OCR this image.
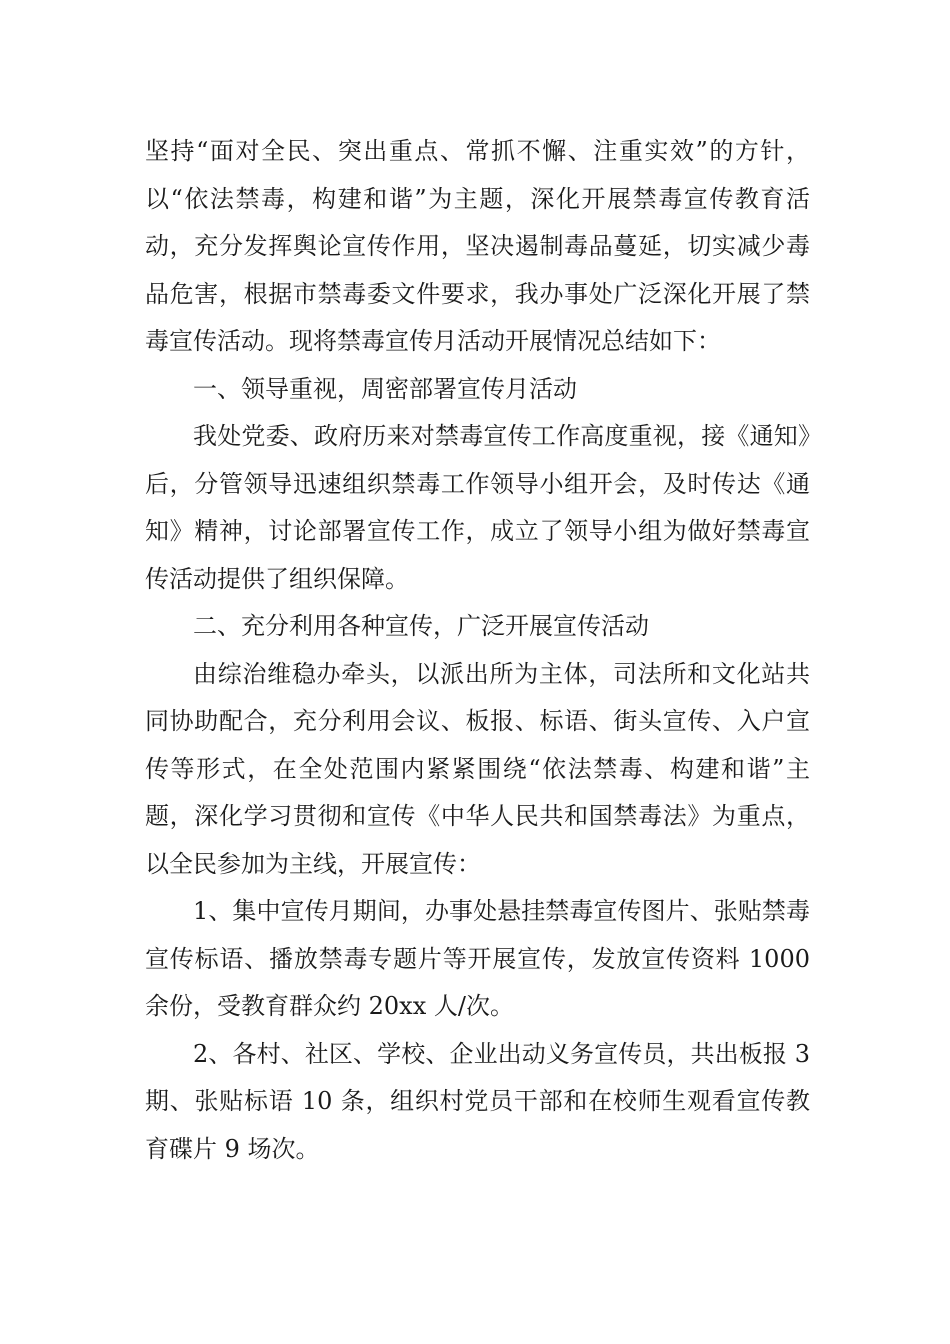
坚持“面对全民、突出重点、常抓不懈、注重实效”的方针，以“依法禁毒，构建和谐”为主题，深化开展禁毒宣传教育活动，充分发挥舆论宣传作用，坚决遏制毒品蔓延，切实减少毒品危害，根据市禁毒委文件要求，我办事处广泛深化开展了禁毒宣传活动。现将禁毒宣传月活动开展情况总结如下：

一、领导重视，周密部署宣传月活动

我处党委、政府历来对禁毒宣传工作高度重视，接《通知》后，分管领导迅速组织禁毒工作领导小组开会，及时传达《通知》精神，讨论部署宣传工作，成立了领导小组为做好禁毒宣传活动提供了组织保障。

二、充分利用各种宣传，广泛开展宣传活动

由综治维稳办牵头，以派出所为主体，司法所和文化站共同协助配合，充分利用会议、板报、标语、街头宣传、入户宣传等形式，在全处范围内紧紧围绕“依法禁毒、构建和谐”主题，深化学习贯彻和宣传《中华人民共和国禁毒法》为重点，以全民参加为主线，开展宣传：

1、集中宣传月期间，办事处悬挂禁毒宣传图片、张贴禁毒宣传标语、播放禁毒专题片等开展宣传，发放宣传资料 1000 余份，受教育群众约 20xx 人/次。

2、各村、社区、学校、企业出动义务宣传员，共出板报 3 期、张贴标语 10 条，组织村党员干部和在校师生观看宣传教育碟片 9 场次。
